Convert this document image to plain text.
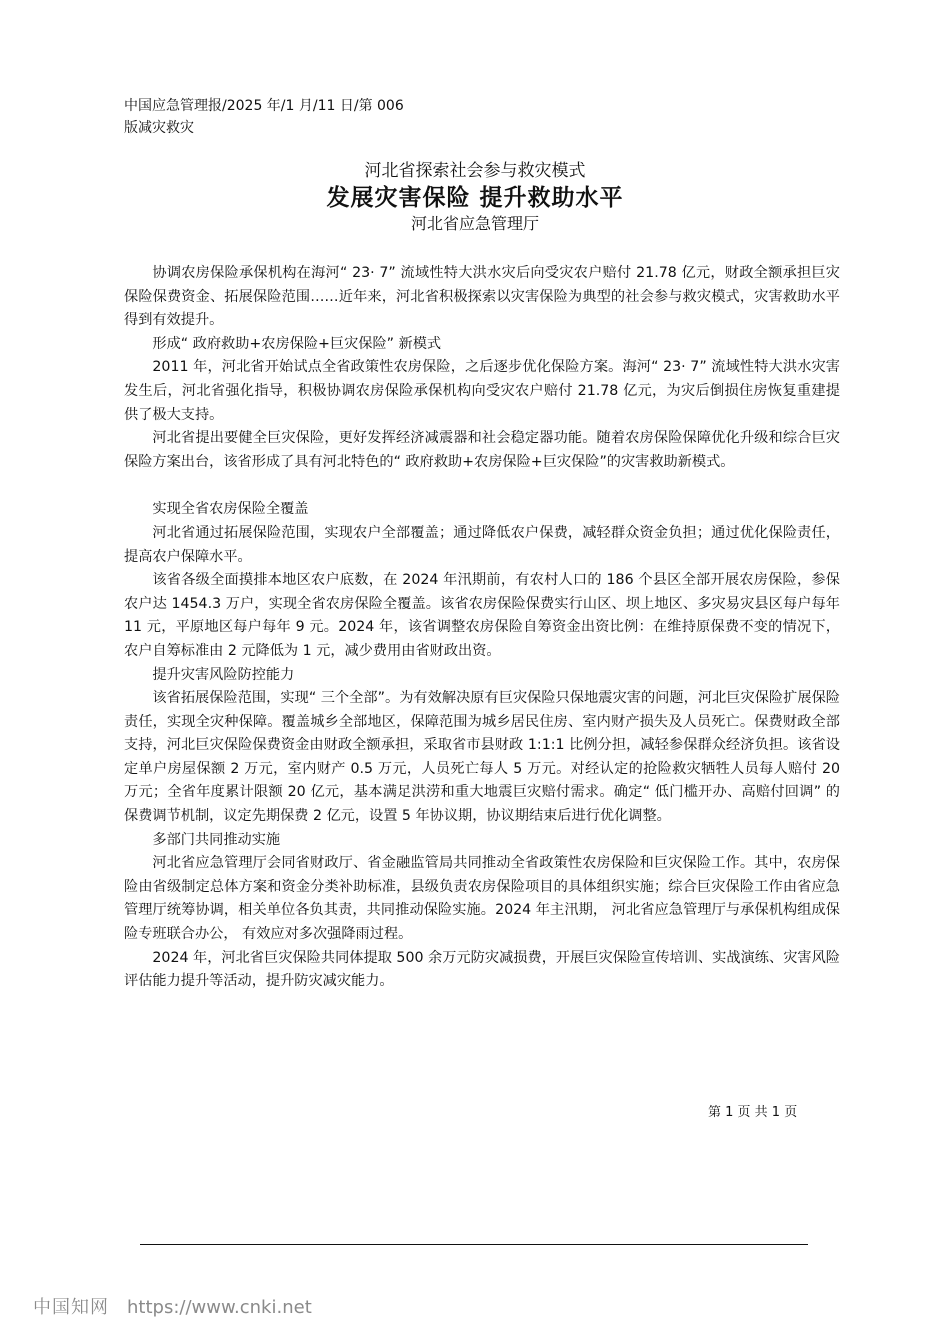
中国应急管理报/2025 年/1 月/11 日/第 006
版减灾救灾
河北省探索社会参与救灾模式
发展灾害保险 提升救助水平
河北省应急管理厅

协调农房保险承保机构在海河“ 23· 7” 流域性特大洪水灾后向受灾农户赔付 21.78 亿元，财政全额承担巨灾保险保费资金、拓展保险范围……近年来，河北省积极探索以灾害保险为典型的社会参与救灾模式，灾害救助水平得到有效提升。

形成“ 政府救助+农房保险+巨灾保险” 新模式

2011 年，河北省开始试点全省政策性农房保险，之后逐步优化保险方案。海河“ 23· 7” 流域性特大洪水灾害发生后，河北省强化指导，积极协调农房保险承保机构向受灾农户赔付 21.78 亿元，为灾后倒损住房恢复重建提供了极大支持。

河北省提出要健全巨灾保险，更好发挥经济减震器和社会稳定器功能。随着农房保险保障优化升级和综合巨灾保险方案出台，该省形成了具有河北特色的“ 政府救助+农房保险+巨灾保险”的灾害救助新模式。

实现全省农房保险全覆盖

河北省通过拓展保险范围，实现农户全部覆盖；通过降低农户保费，减轻群众资金负担；通过优化保险责任，提高农户保障水平。

该省各级全面摸排本地区农户底数，在 2024 年汛期前，有农村人口的 186 个县区全部开展农房保险，参保农户达 1454.3 万户，实现全省农房保险全覆盖。该省农房保险保费实行山区、坝上地区、多灾易灾县区每户每年 11 元，平原地区每户每年 9 元。2024 年，该省调整农房保险自筹资金出资比例：在维持原保费不变的情况下，农户自筹标准由 2 元降低为 1 元，减少费用由省财政出资。

提升灾害风险防控能力

该省拓展保险范围，实现“ 三个全部”。为有效解决原有巨灾保险只保地震灾害的问题，河北巨灾保险扩展保险责任，实现全灾种保障。覆盖城乡全部地区，保障范围为城乡居民住房、室内财产损失及人员死亡。保费财政全部支持，河北巨灾保险保费资金由财政全额承担，采取省市县财政 1:1:1 比例分担，减轻参保群众经济负担。该省设定单户房屋保额 2 万元，室内财产 0.5 万元，人员死亡每人 5 万元。对经认定的抢险救灾牺牲人员每人赔付 20 万元；全省年度累计限额 20 亿元，基本满足洪涝和重大地震巨灾赔付需求。确定“ 低门槛开办、高赔付回调” 的保费调节机制，议定先期保费 2 亿元，设置 5 年协议期，协议期结束后进行优化调整。

多部门共同推动实施

河北省应急管理厅会同省财政厅、省金融监管局共同推动全省政策性农房保险和巨灾保险工作。其中，农房保险由省级制定总体方案和资金分类补助标准，县级负责农房保险项目的具体组织实施；综合巨灾保险工作由省应急管理厅统筹协调，相关单位各负其责，共同推动保险实施。2024 年主汛期， 河北省应急管理厅与承保机构组成保险专班联合办公， 有效应对多次强降雨过程。

2024 年，河北省巨灾保险共同体提取 500 余万元防灾减损费，开展巨灾保险宣传培训、实战演练、灾害风险评估能力提升等活动，提升防灾减灾能力。

第 1 页 共 1 页
中国知网 https://www.cnki.net
